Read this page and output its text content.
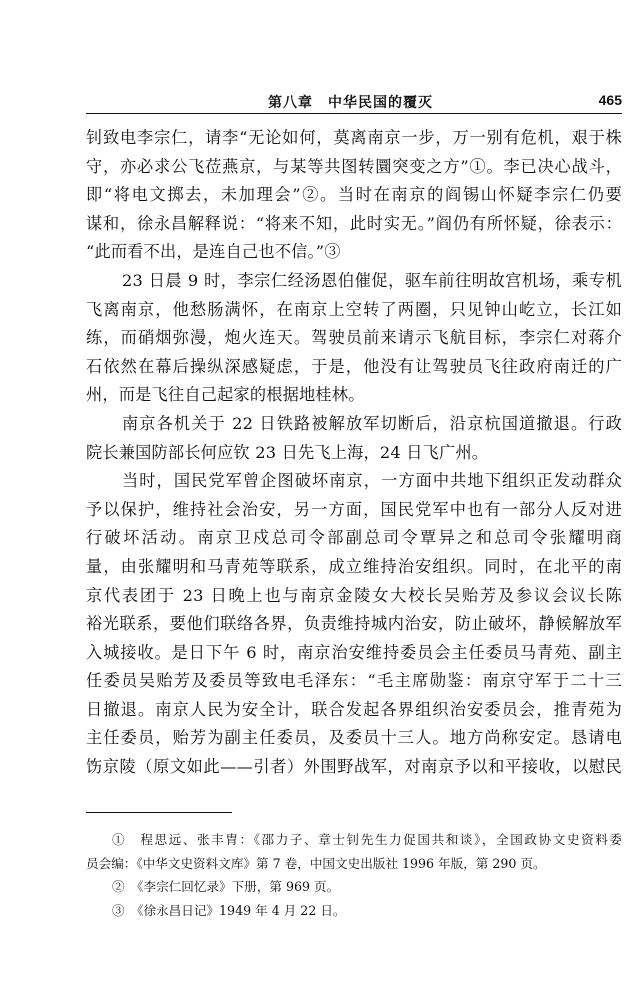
第八章　中华民国的覆灭	465
钊致电李宗仁，请李“无论如何，莫离南京一步，万一别有危机，艰于株
守，亦必求公飞莅燕京，与某等共图转圜突变之方”①。李已决心战斗，
即“将电文掷去，未加理会”②。当时在南京的阎锡山怀疑李宗仁仍要
谋和，徐永昌解释说：“将来不知，此时实无。”阎仍有所怀疑，徐表示：
“此而看不出，是连自己也不信。”③
23 日晨 9 时，李宗仁经汤恩伯催促，驱车前往明故宫机场，乘专机
飞离南京，他愁肠满怀，在南京上空转了两圈，只见钟山屹立，长江如
练，而硝烟弥漫，炮火连天。驾驶员前来请示飞航目标，李宗仁对蒋介
石依然在幕后操纵深感疑虑，于是，他没有让驾驶员飞往政府南迁的广
州，而是飞往自己起家的根据地桂林。
南京各机关于 22 日铁路被解放军切断后，沿京杭国道撤退。行政
院长兼国防部长何应钦 23 日先飞上海，24 日飞广州。
当时，国民党军曾企图破坏南京，一方面中共地下组织正发动群众
予以保护，维持社会治安，另一方面，国民党军中也有一部分人反对进
行破坏活动。南京卫戍总司令部副总司令覃异之和总司令张耀明商
量，由张耀明和马青苑等联系，成立维持治安组织。同时，在北平的南
京代表团于 23 日晚上也与南京金陵女大校长吴贻芳及参议会议长陈
裕光联系，要他们联络各界，负责维持城内治安，防止破坏，静候解放军
入城接收。是日下午 6 时，南京治安维持委员会主任委员马青苑、副主
任委员吴贻芳及委员等致电毛泽东：“毛主席勋鉴：南京守军于二十三
日撤退。南京人民为安全计，联合发起各界组织治安委员会，推青苑为
主任委员，贻芳为副主任委员，及委员十三人。地方尚称安定。恳请电
饬京陵（原文如此——引者）外围野战军，对南京予以和平接收，以慰民
①　程思远、张丰胄：《邵力子、章士钊先生力促国共和谈》，全国政协文史资料委
员会编：《中华文史资料文库》第 7 卷，中国文史出版社 1996 年版，第 290 页。
②　《李宗仁回忆录》下册，第 969 页。
③　《徐永昌日记》1949 年 4 月 22 日。
